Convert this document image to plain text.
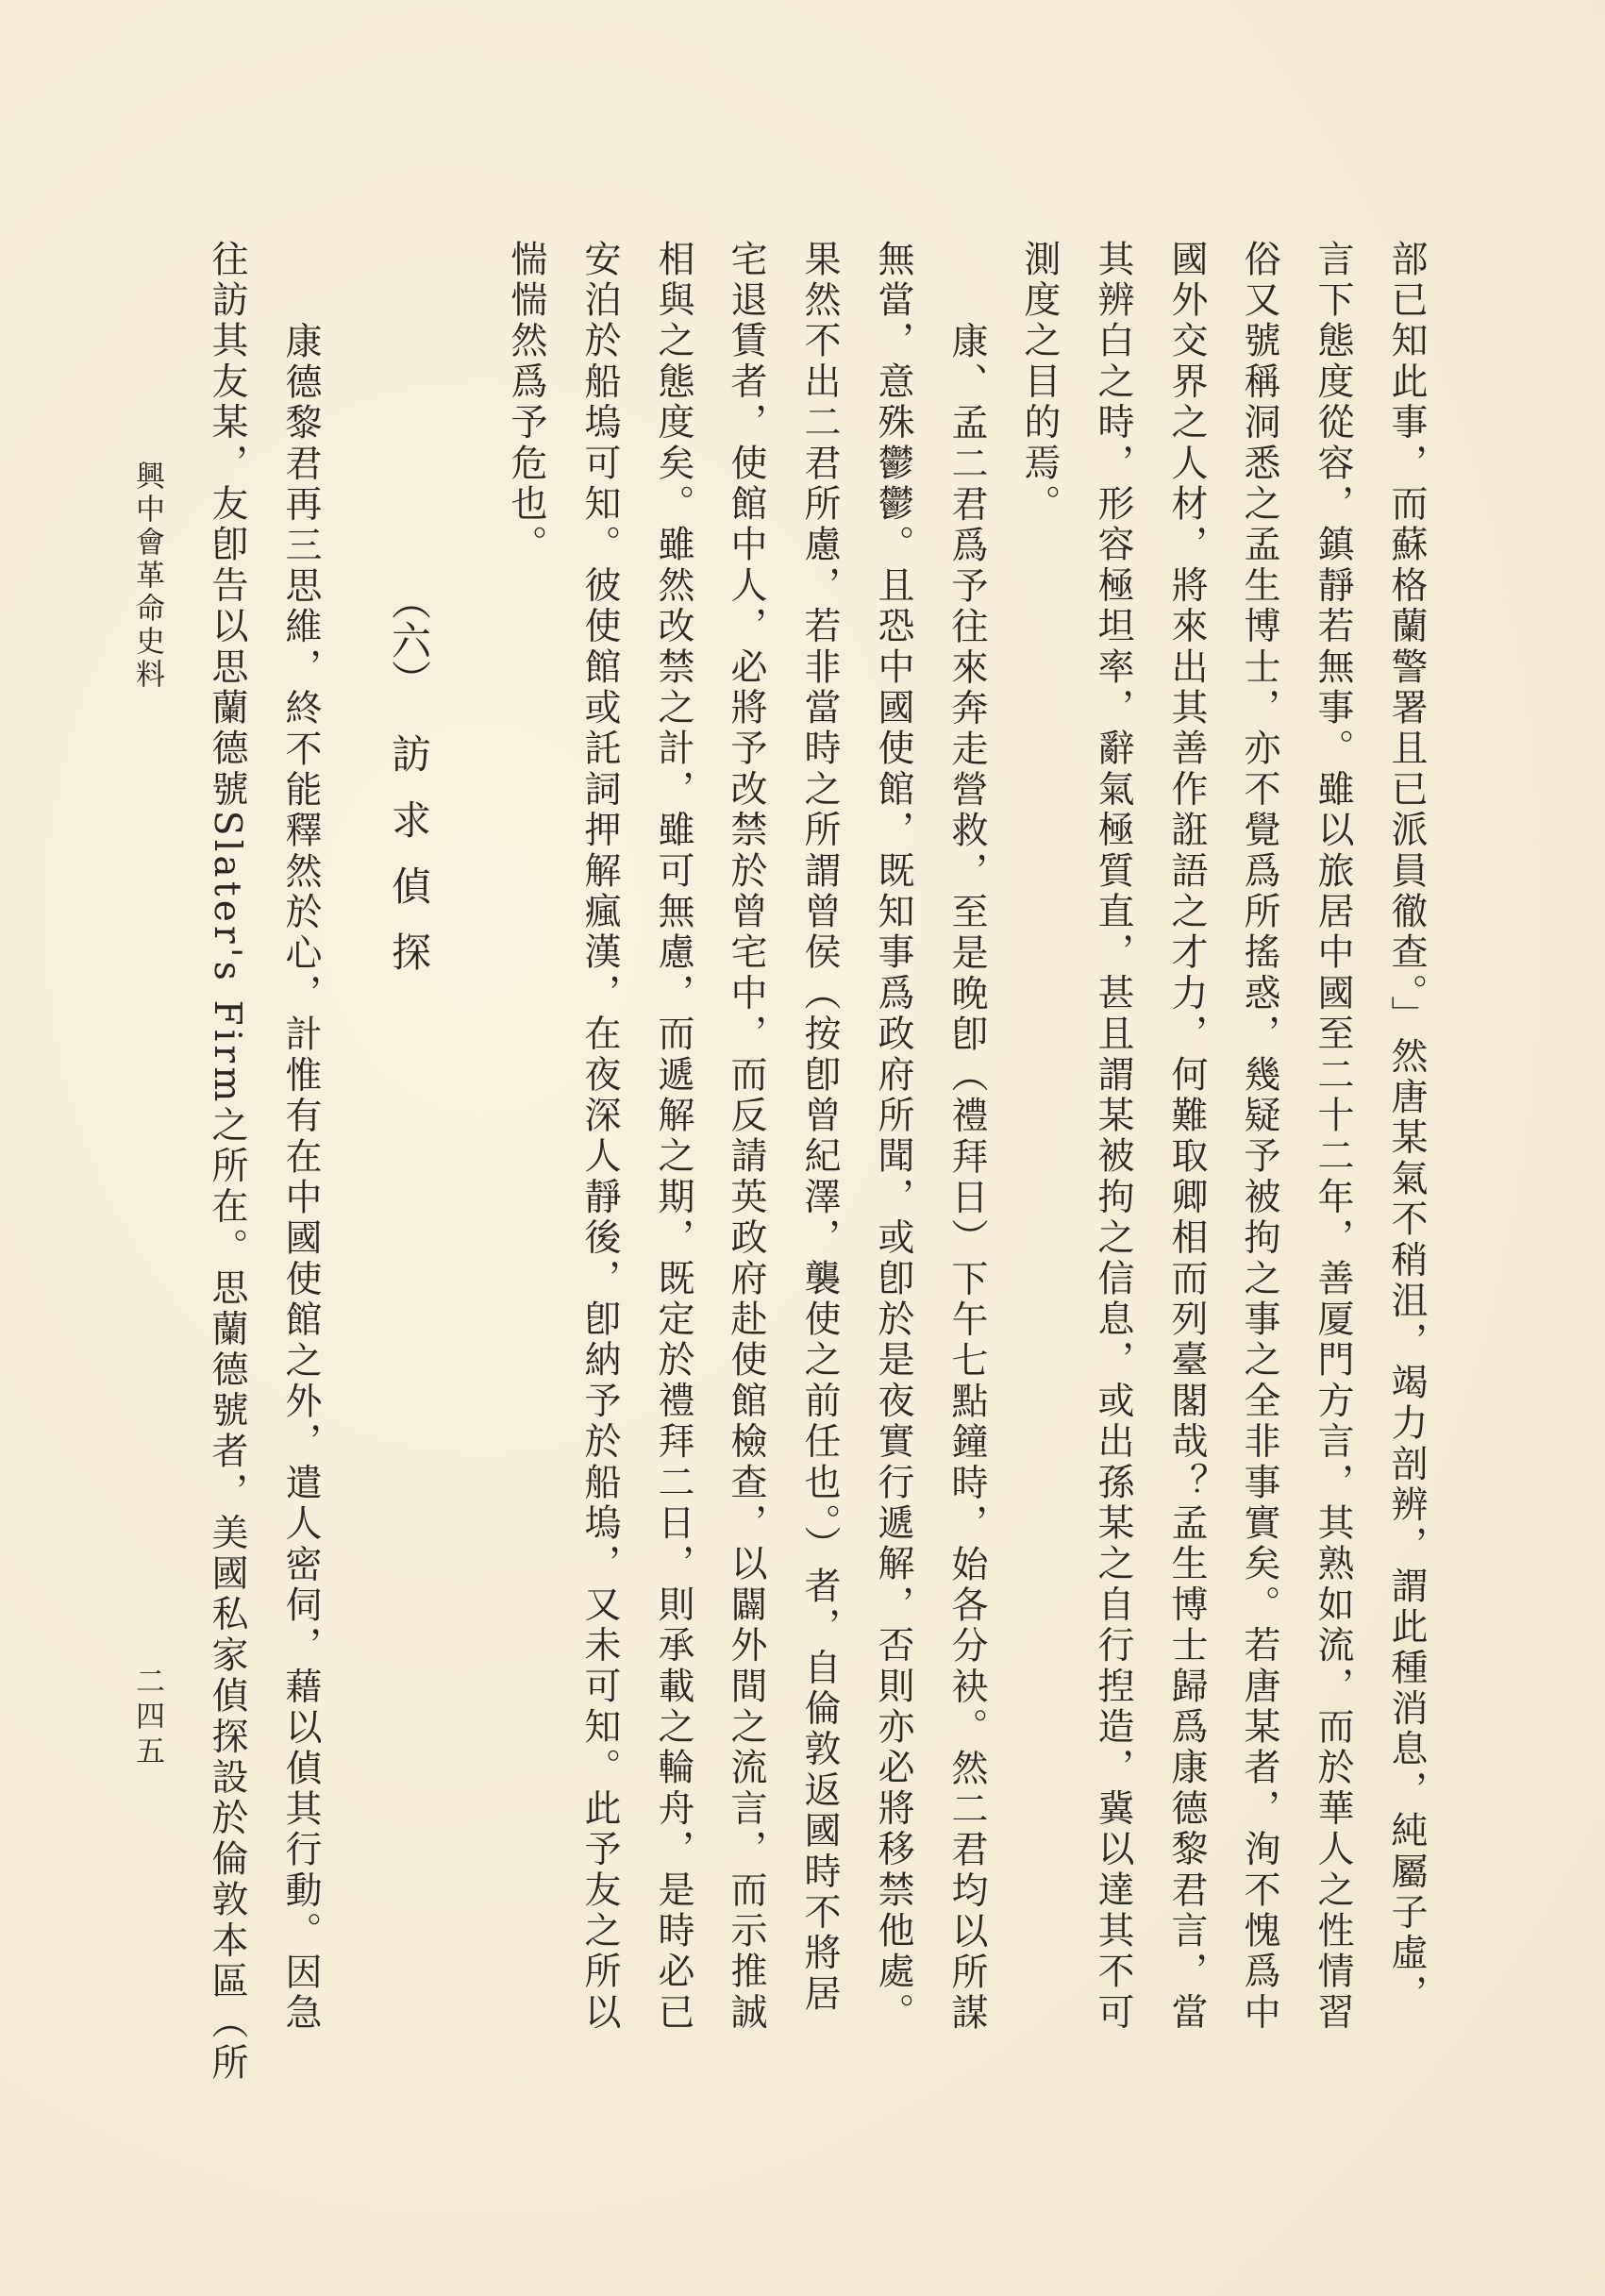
部已知此事，而蘇格蘭警署且已派員徹查。」然唐某氣不稍沮，竭力剖辨，謂此種消息，純屬子虛，
言下態度從容，鎮靜若無事。雖以旅居中國至二十二年，善厦門方言，其熟如流，而於華人之性情習
俗又號稱洞悉之孟生博士，亦不覺爲所搖惑，幾疑予被拘之事之全非事實矣。若唐某者，洵不愧爲中
國外交界之人材，將來出其善作誑語之才力，何難取卿相而列臺閣哉？孟生博士歸爲康德黎君言，當
其辨白之時，形容極坦率，辭氣極質直，甚且謂某被拘之信息，或出孫某之自行揑造，冀以達其不可
測度之目的焉。
康、孟二君爲予往來奔走營救，至是晚卽（禮拜日）下午七點鐘時，始各分袂。然二君均以所謀
無當，意殊鬱鬱。且恐中國使館，既知事爲政府所聞，或卽於是夜實行遞解，否則亦必將移禁他處。
果然不出二君所慮，若非當時之所謂曾侯（按卽曾紀澤，襲使之前任也。）者，自倫敦返國時不將居
宅退賃者，使館中人，必將予改禁於曾宅中，而反請英政府赴使館檢查，以闢外間之流言，而示推誠
相與之態度矣。雖然改禁之計，雖可無慮，而遞解之期，既定於禮拜二日，則承載之輪舟，是時必已
安泊於船塢可知。彼使館或託詞押解瘋漢，在夜深人靜後，卽納予於船塢，又未可知。此予友之所以
惴惴然爲予危也。
（六）訪求偵探
康德黎君再三思維，終不能釋然於心，計惟有在中國使館之外，遣人密伺，藉以偵其行動。因急
往訪其友某，友卽告以思蘭德號Slater's Firm之所在。思蘭德號者，美國私家偵探設於倫敦本區（所
興中會革命史料
二四五
